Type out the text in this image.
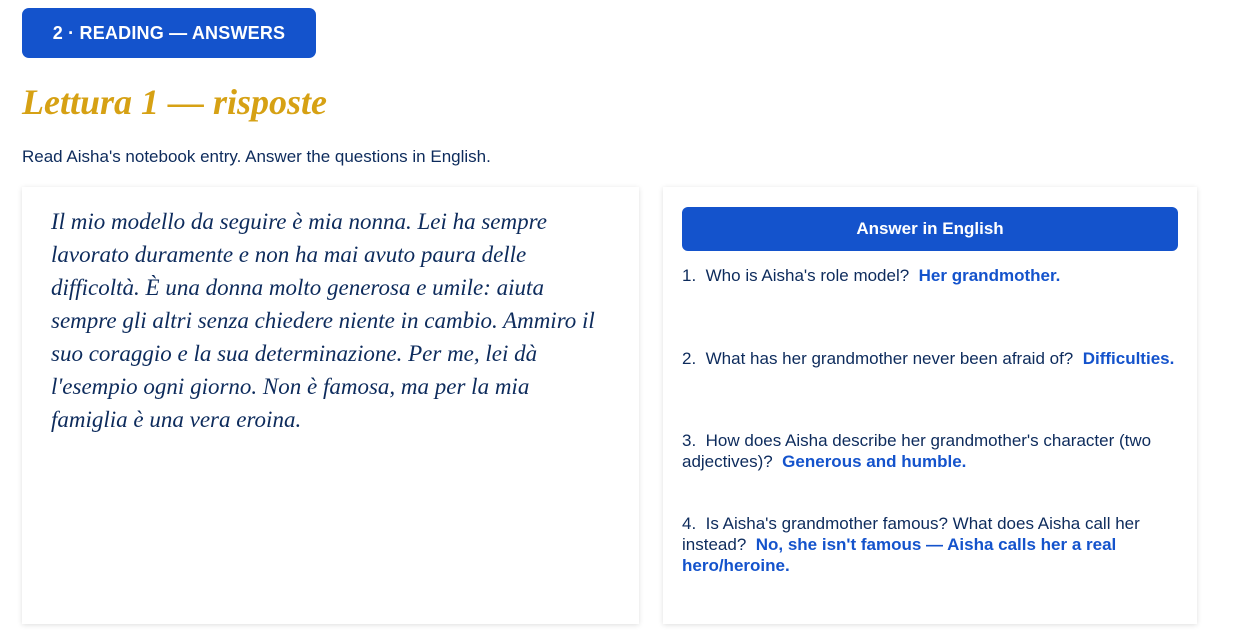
2 · READING — ANSWERS
Lettura 1 — risposte
Read Aisha's notebook entry. Answer the questions in English.

Il mio modello da seguire è mia nonna. Lei ha sempre lavorato duramente e non ha mai avuto paura delle difficoltà. È una donna molto generosa e umile: aiuta sempre gli altri senza chiedere niente in cambio. Ammiro il suo coraggio e la sua determinazione. Per me, lei dà l'esempio ogni giorno. Non è famosa, ma per la mia famiglia è una vera eroina.

Answer in English
1. Who is Aisha's role model? Her grandmother.
2. What has her grandmother never been afraid of? Difficulties.
3. How does Aisha describe her grandmother's character (two adjectives)? Generous and humble.
4. Is Aisha's grandmother famous? What does Aisha call her instead? No, she isn't famous — Aisha calls her a real hero/heroine.
